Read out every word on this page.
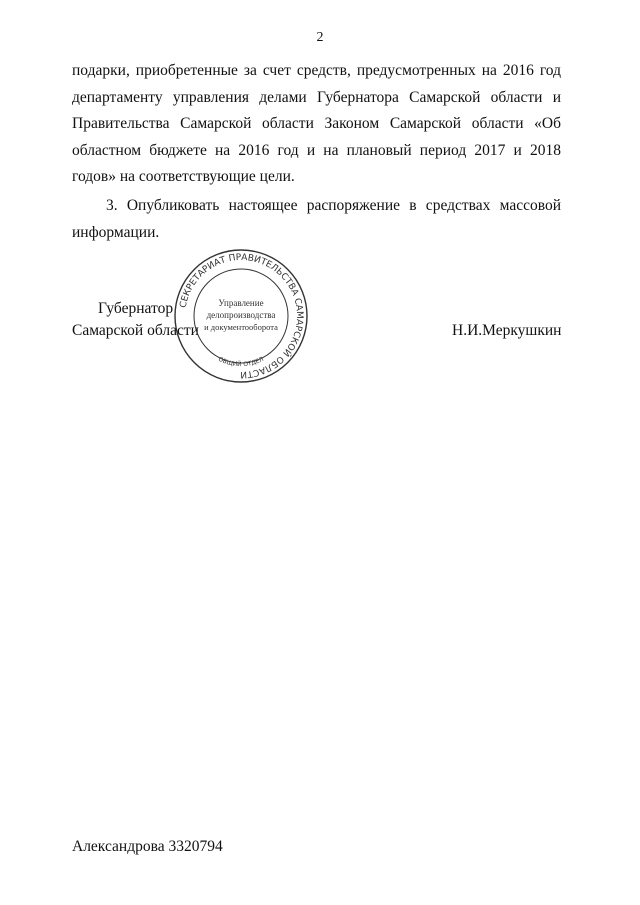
2

подарки, приобретенные за счет средств, предусмотренных на 2016 год департаменту управления делами Губернатора Самарской области и Правительства Самарской области Законом Самарской области «Об областном бюджете на 2016 год и на плановый период 2017 и 2018 годов» на соответствующие цели.

3. Опубликовать настоящее распоряжение в средствах массовой информации.

Губернатор
Самарской области
СЕКРЕТАРИАТ ПРАВИТЕЛЬСТВА САМАРСКОЙ ОБЛАСТИ
ОБЩИЙ ОТДЕЛ
Управление
делопроизводства
и документооборота	Н.И.Меркушкин
Александрова 3320794
